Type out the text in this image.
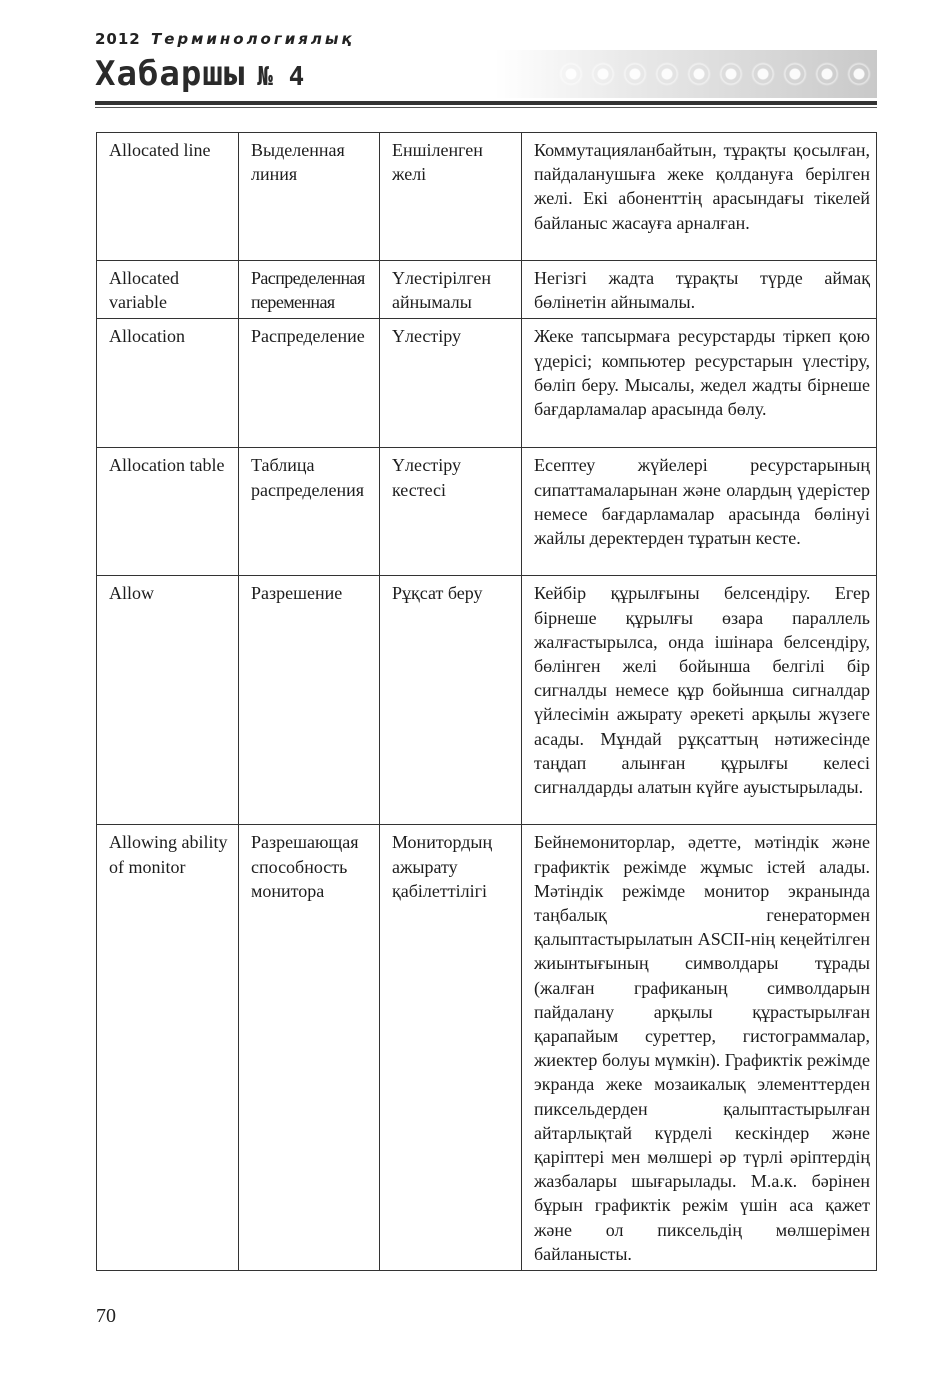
2012 Терминологиялық
Хабаршы № 4
Allocated line	Выделенная линия	Еншіленген желі	Коммутацияланбайтын, тұрақты қосылған, пайдаланушыға жеке қолдануға берілген желі. Екі абоненттің арасындағы тікелей байланыс жасауға арналған.
Allocated variable	Распределенная переменная	Үлестірілген айнымалы	Негізгі жадта тұрақты түрде аймақ бөлінетін айнымалы.
Allocation	Распределение	Үлестіру	Жеке тапсырмаға ресурстарды тіркеп қою үдерісі; компьютер ресурстарын үлестіру, бөліп беру. Мысалы, жедел жадты бірнеше бағдарламалар арасында бөлу.
Allocation table	Таблица распределения	Үлестіру кестесі	Есептеу жүйелері ресурстарының сипаттамаларынан және олардың үдерістер немесе бағдарламалар арасында бөлінуі жайлы деректерден тұратын кесте.
Allow	Разрешение	Рұқсат беру	Кейбір құрылғыны белсендіру. Егер бірнеше құрылғы өзара параллель жалғастырылса, онда ішінара белсендіру, бөлінген желі бойынша белгілі бір сигналды немесе құр бойынша сигналдар үйлесімін ажырату әрекеті арқылы жүзеге асады. Мұндай рұқсаттың нәтижесінде таңдап алынған құрылғы келесі сигналдарды алатын күйге ауыстырылады.
Allowing ability of monitor	Разрешающая способность монитора	Монитордың ажырату қабілеттілігі	Бейнемониторлар, әдетте, мәтіндік және графиктік режімде жұмыс істей алады. Мәтіндік режімде монитор экранында таңбалық генератормен қалыптастырылатын ASCII-нің кеңейтілген жиынтығының символдары тұрады (жалған графиканың символдарын пайдалану арқылы құрастырылған қарапайым суреттер, гистограммалар, жиектер болуы мүмкін). Графиктік режімде экранда жеке мозаикалық элементтерден пиксельдерден қалыптастырылған айтарлықтай күрделі кескіндер және қаріптері мен мөлшері әр түрлі әріптердің жазбалары шығарылады. М.а.к. бәрінен бұрын графиктік режім үшін аса қажет және ол пиксельдің мөлшерімен байланысты.
70
